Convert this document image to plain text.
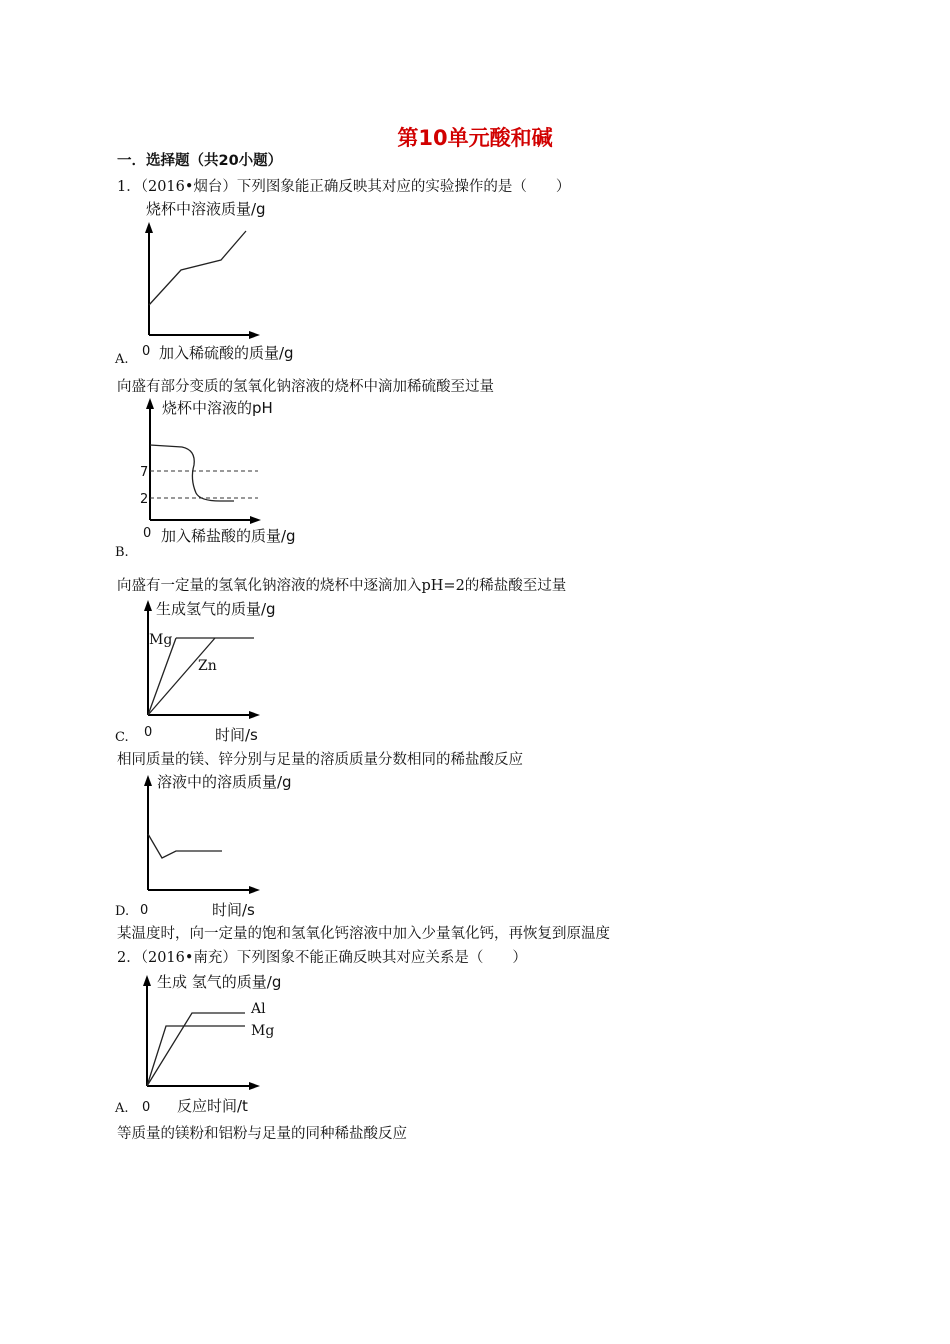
第10单元酸和碱
一．选择题（共20小题）
1．（2016•烟台）下列图象能正确反映其对应的实验操作的是（　　）
烧杯中溶液质量/g
0 加入稀硫酸的质量/g
A.
向盛有部分变质的氢氧化钠溶液的烧杯中滴加稀硫酸至过量
烧杯中溶液的pH
7
2
0 加入稀盐酸的质量/g
B.
向盛有一定量的氢氧化钠溶液的烧杯中逐滴加入pH=2的稀盐酸至过量
生成氢气的质量/g
Mg
Zn
0	时间/s
C.
相同质量的镁、锌分别与足量的溶质质量分数相同的稀盐酸反应
溶液中的溶质质量/g
0	时间/s
D.
某温度时，向一定量的饱和氢氧化钙溶液中加入少量氧化钙，再恢复到原温度
2．（2016•南充）下列图象不能正确反映其对应关系是（　　）
生成 氢气的质量/g
Al
Mg
0 反应时间/t
A.
等质量的镁粉和铝粉与足量的同种稀盐酸反应
